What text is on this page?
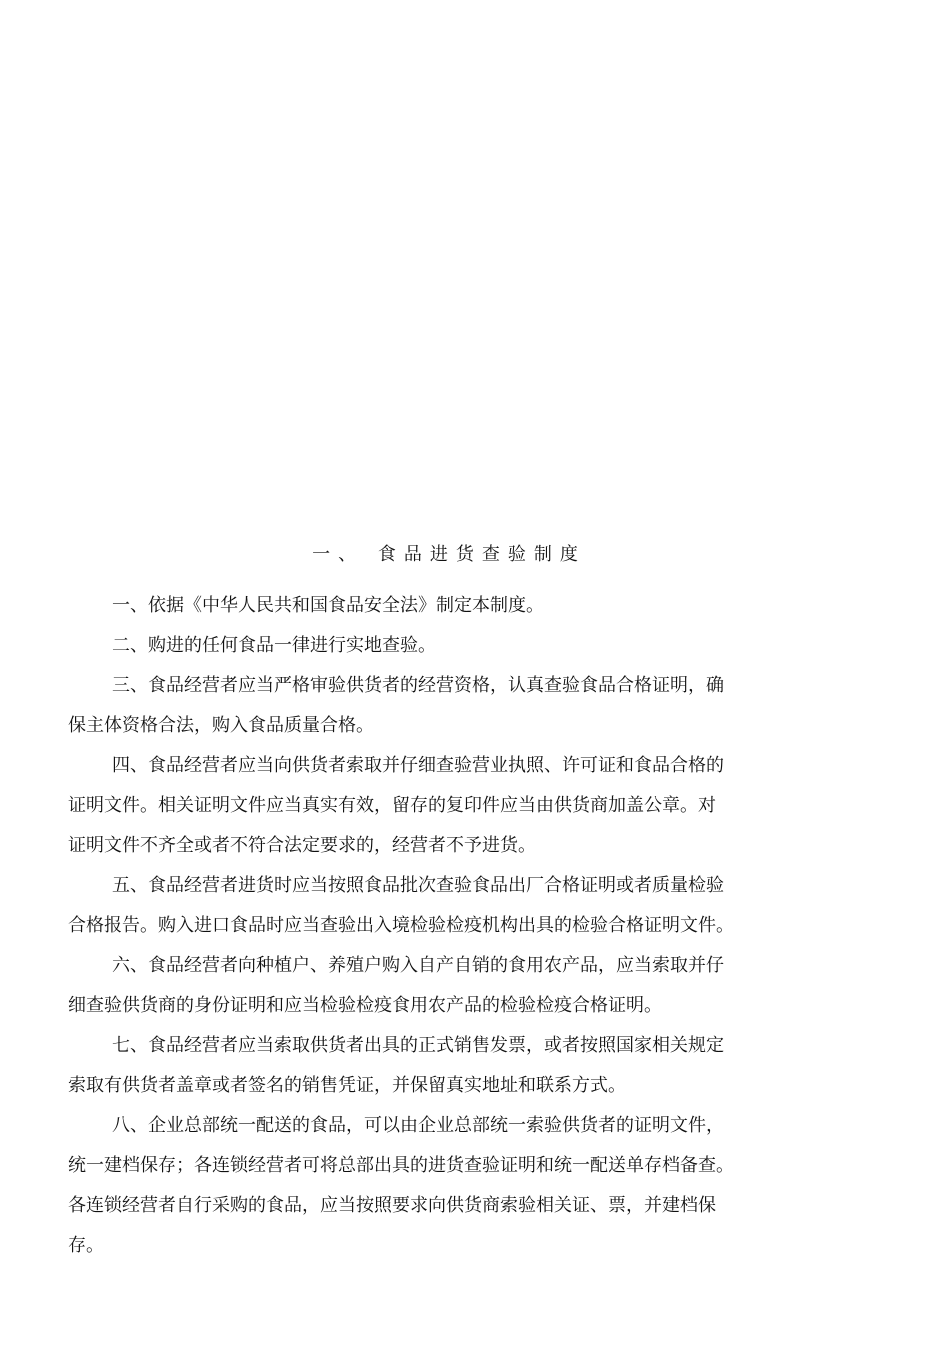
一、 食品进货查验制度
一、依据《中华人民共和国食品安全法》制定本制度。
二、购进的任何食品一律进行实地查验。
三、食品经营者应当严格审验供货者的经营资格，认真查验食品合格证明，确
保主体资格合法，购入食品质量合格。
四、食品经营者应当向供货者索取并仔细查验营业执照、许可证和食品合格的
证明文件。相关证明文件应当真实有效，留存的复印件应当由供货商加盖公章。对
证明文件不齐全或者不符合法定要求的，经营者不予进货。
五、食品经营者进货时应当按照食品批次查验食品出厂合格证明或者质量检验
合格报告。购入进口食品时应当查验出入境检验检疫机构出具的检验合格证明文件。
六、食品经营者向种植户、养殖户购入自产自销的食用农产品，应当索取并仔
细查验供货商的身份证明和应当检验检疫食用农产品的检验检疫合格证明。
七、食品经营者应当索取供货者出具的正式销售发票，或者按照国家相关规定
索取有供货者盖章或者签名的销售凭证，并保留真实地址和联系方式。
八、企业总部统一配送的食品，可以由企业总部统一索验供货者的证明文件，
统一建档保存；各连锁经营者可将总部出具的进货查验证明和统一配送单存档备查。
各连锁经营者自行采购的食品，应当按照要求向供货商索验相关证、票，并建档保
存。
